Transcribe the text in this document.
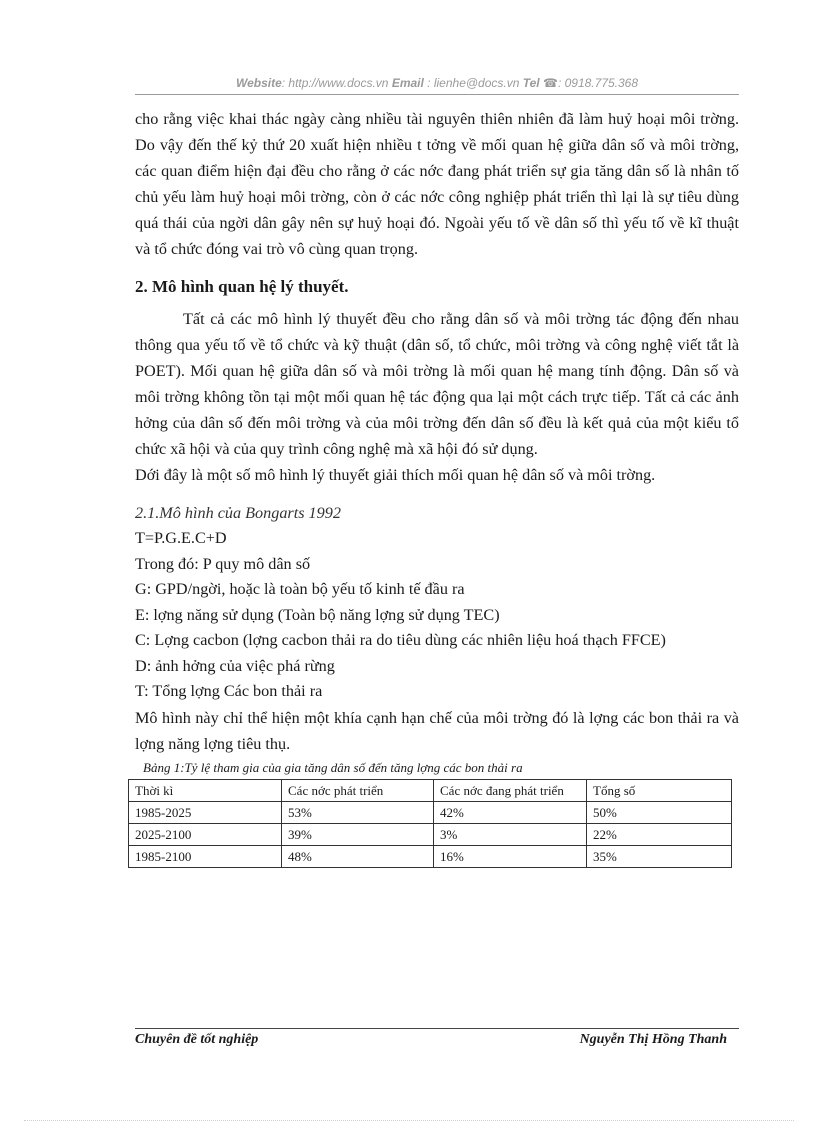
Website: http://www.docs.vn Email : lienhe@docs.vn Tel ☎: 0918.775.368

cho rằng việc khai thác ngày càng nhiều tài nguyên thiên nhiên đã làm huỷ hoại môi trờng. Do vậy đến thế kỷ thứ 20 xuất hiện nhiều t tởng về mối quan hệ giữa dân số và môi trờng, các quan điểm hiện đại đều cho rằng ở các nớc đang phát triển sự gia tăng dân số là nhân tố chủ yếu làm huỷ hoại môi trờng, còn ở các nớc công nghiệp phát triển thì lại là sự tiêu dùng quá thái của ngời dân gây nên sự huỷ hoại đó. Ngoài yếu tố về dân số thì yếu tố về kĩ thuật và tổ chức đóng vai trò vô cùng quan trọng.

2. Mô hình quan hệ lý thuyết.

Tất cả các mô hình lý thuyết đều cho rằng dân số và môi trờng tác động đến nhau thông qua yếu tố về tổ chức và kỹ thuật (dân số, tổ chức, môi trờng và công nghệ viết tắt là POET). Mối quan hệ giữa dân số và môi trờng là mối quan hệ mang tính động. Dân số và môi trờng không tồn tại một mối quan hệ tác động qua lại một cách trực tiếp. Tất cả các ảnh hởng của dân số đến môi trờng và của môi trờng đến dân số đều là kết quả của một kiểu tổ chức xã hội và của quy trình công nghệ mà xã hội đó sử dụng.

Dới đây là một số mô hình lý thuyết giải thích mối quan hệ dân số và môi trờng.

2.1.Mô hình của Bongarts 1992

T=P.G.E.C+D

Trong đó: P quy mô dân số

G: GPD/ngời, hoặc là toàn bộ yếu tố kinh tế đầu ra

E: lợng năng sử dụng (Toàn bộ năng lợng sử dụng TEC)

C: Lợng cacbon (lợng cacbon thải ra do tiêu dùng các nhiên liệu hoá thạch FFCE)

D: ảnh hởng của việc phá rừng

T: Tổng lợng Các bon thải ra

Mô hình này chỉ thể hiện một khía cạnh hạn chế của môi trờng đó là lợng các bon thải ra và lợng năng lợng tiêu thụ.

Bảng 1:Tỷ lệ tham gia của gia tăng dân số đến tăng lợng các bon thải ra

Thời kì	Các nớc phát triển	Các nớc đang phát triển	Tổng số
1985-2025	53%	42%	50%
2025-2100	39%	3%	22%
1985-2100	48%	16%	35%
Chuyên đề tốt nghiệp	Nguyễn Thị Hồng Thanh
